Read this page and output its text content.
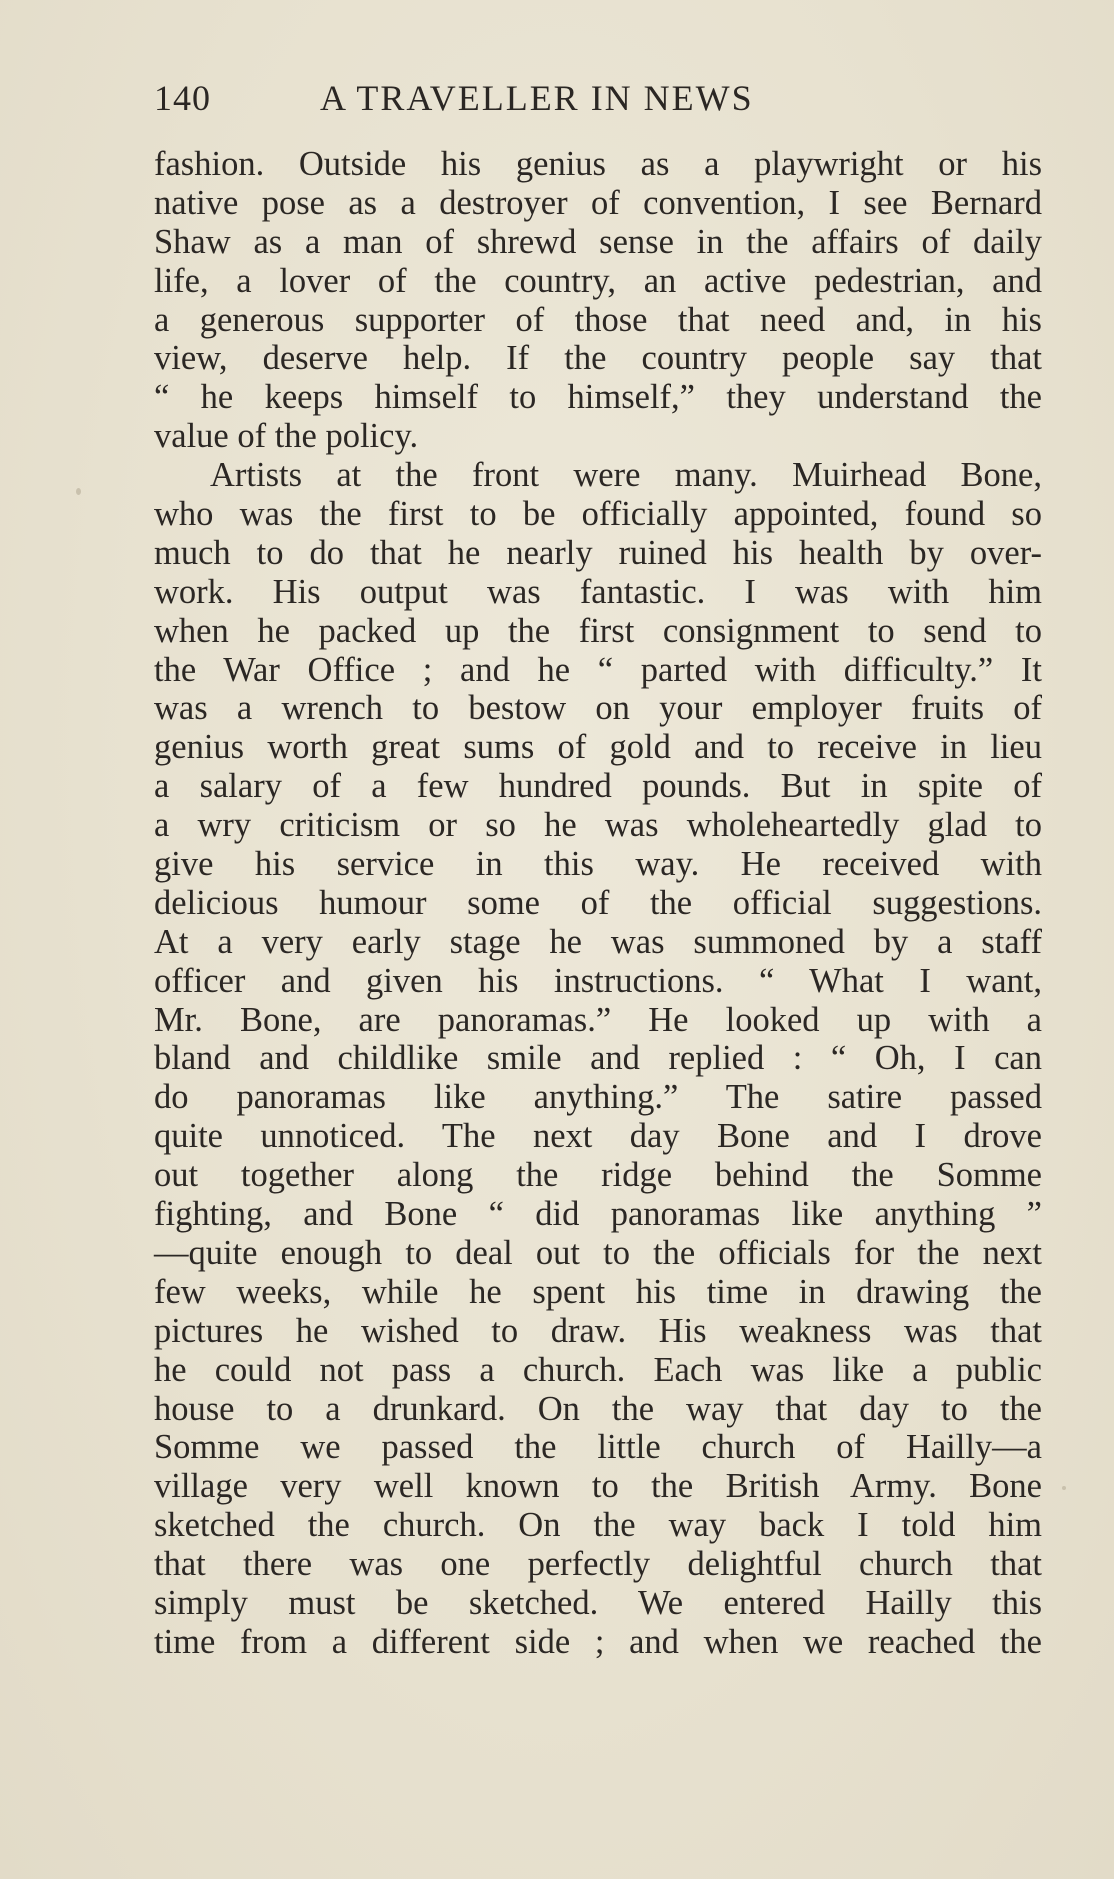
140	A TRAVELLER IN NEWS
fashion. Outside his genius as a playwright or his
native pose as a destroyer of convention, I see Bernard
Shaw as a man of shrewd sense in the affairs of daily
life, a lover of the country, an active pedestrian, and
a generous supporter of those that need and, in his
view, deserve help. If the country people say that
“ he keeps himself to himself,” they understand the
value of the policy.
Artists at the front were many. Muirhead Bone,
who was the first to be officially appointed, found so
much to do that he nearly ruined his health by over-
work. His output was fantastic. I was with him
when he packed up the first consignment to send to
the War Office ; and he “ parted with difficulty.” It
was a wrench to bestow on your employer fruits of
genius worth great sums of gold and to receive in lieu
a salary of a few hundred pounds. But in spite of
a wry criticism or so he was wholeheartedly glad to
give his service in this way. He received with
delicious humour some of the official suggestions.
At a very early stage he was summoned by a staff
officer and given his instructions. “ What I want,
Mr. Bone, are panoramas.” He looked up with a
bland and childlike smile and replied : “ Oh, I can
do panoramas like anything.” The satire passed
quite unnoticed. The next day Bone and I drove
out together along the ridge behind the Somme
fighting, and Bone “ did panoramas like anything ”
—quite enough to deal out to the officials for the next
few weeks, while he spent his time in drawing the
pictures he wished to draw. His weakness was that
he could not pass a church. Each was like a public
house to a drunkard. On the way that day to the
Somme we passed the little church of Hailly—a
village very well known to the British Army. Bone
sketched the church. On the way back I told him
that there was one perfectly delightful church that
simply must be sketched. We entered Hailly this
time from a different side ; and when we reached the
